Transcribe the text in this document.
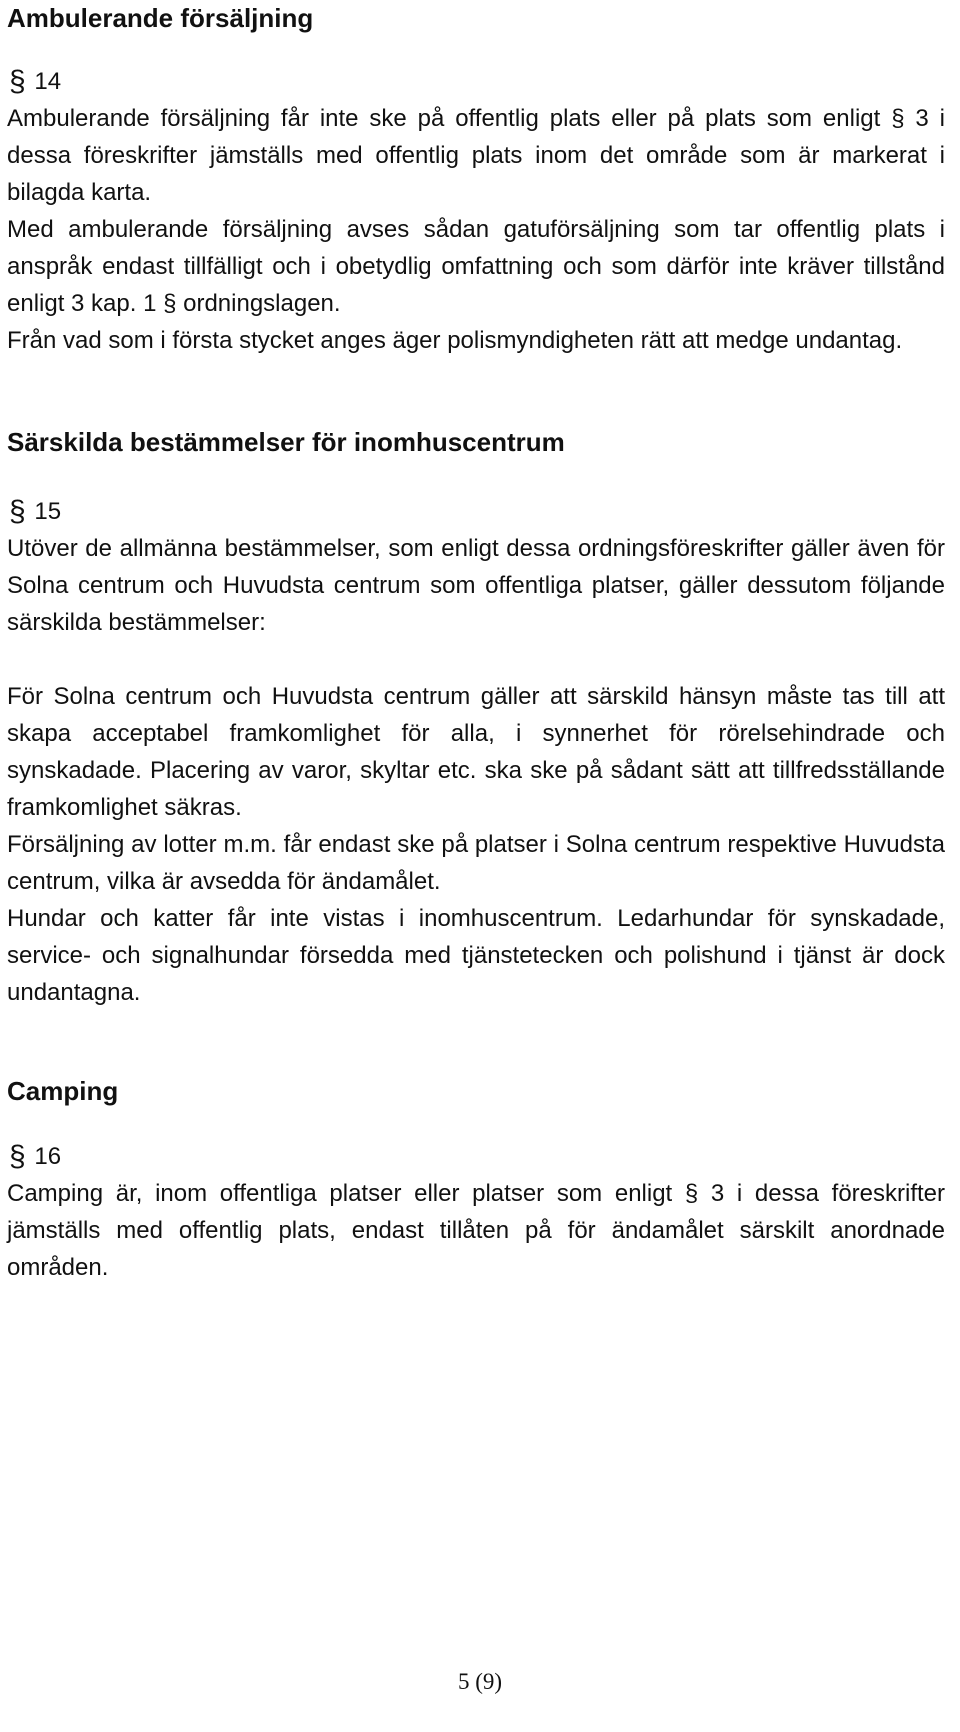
Ambulerande försäljning

§
14

Ambulerande försäljning får inte ske på offentlig plats eller på plats som enligt § 3 i dessa föreskrifter jämställs med offentlig plats inom det område som är markerat i bilagda karta.

Med ambulerande försäljning avses sådan gatuförsäljning som tar offentlig plats i anspråk endast tillfälligt och i obetydlig omfattning och som därför inte kräver tillstånd enligt 3 kap. 1 § ordningslagen.

Från vad som i första stycket anges äger polismyndigheten rätt att medge undantag.

Särskilda bestämmelser för inomhuscentrum

§
15

Utöver de allmänna bestämmelser, som enligt dessa ordningsföreskrifter gäller även för Solna centrum och Huvudsta centrum som offentliga platser, gäller dessutom följande särskilda bestämmelser:

För Solna centrum och Huvudsta centrum gäller att särskild hänsyn måste tas till att skapa acceptabel framkomlighet för alla, i synnerhet för rörelsehindrade och synskadade. Placering av varor, skyltar etc. ska ske på sådant sätt att tillfredsställande framkomlighet säkras.

Försäljning av lotter m.m. får endast ske på platser i Solna centrum respektive Huvudsta centrum, vilka är avsedda för ändamålet.

Hundar och katter får inte vistas i inomhuscentrum. Ledarhundar för synskadade, service- och signalhundar försedda med tjänstetecken och polishund i tjänst är dock undantagna.

Camping

§
16

Camping är, inom offentliga platser eller platser som enligt § 3 i dessa föreskrifter jämställs med offentlig plats, endast tillåten på för ändamålet särskilt anordnade områden.

5 (9)
